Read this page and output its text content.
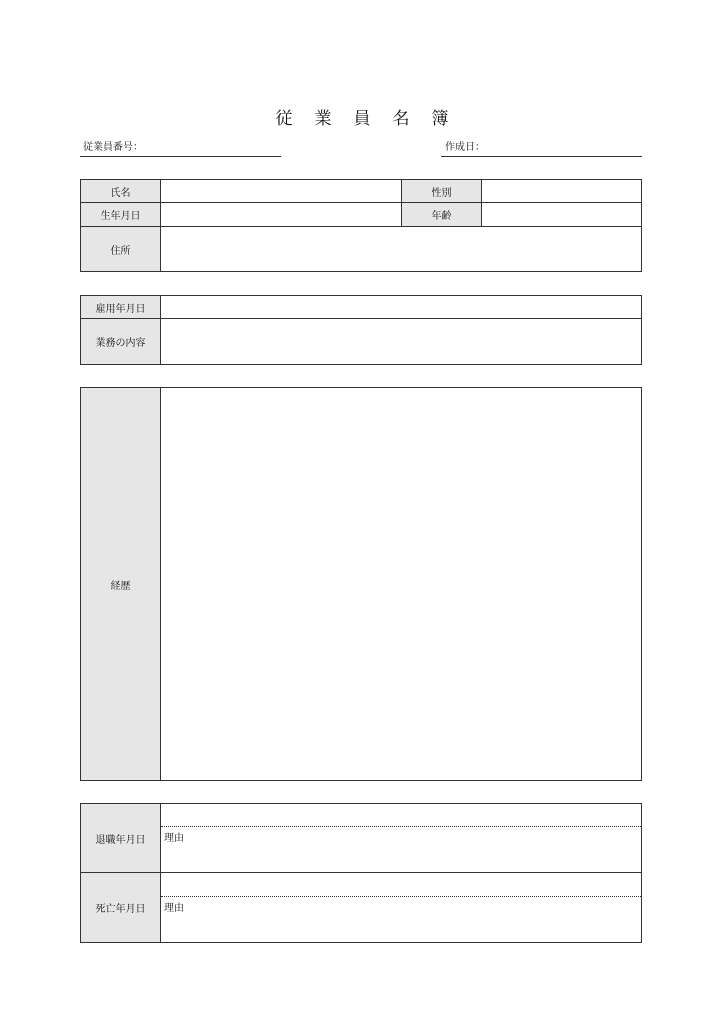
従業員名簿
従業員番号：	作成日：
氏名	性別
生年月日	年齢
住所
雇用年月日
業務の内容
経歴
退職年月日	理由
死亡年月日	理由
